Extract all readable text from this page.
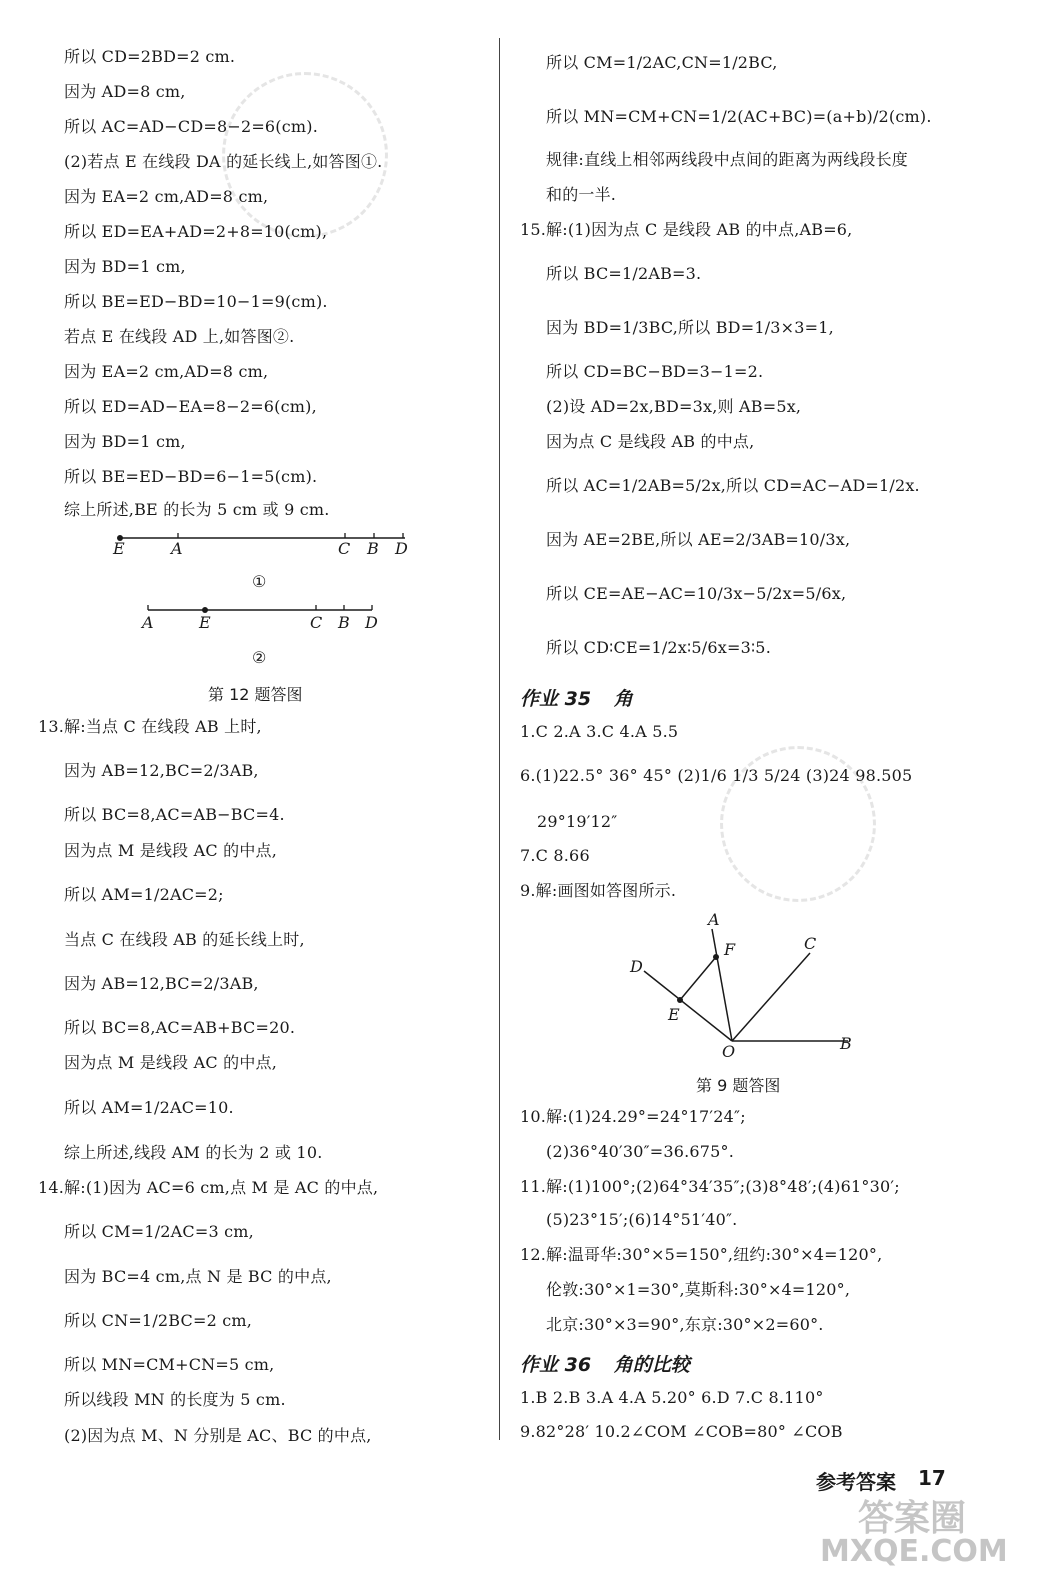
所以 CD=2BD=2 cm.
因为 AD=8 cm,
所以 AC=AD−CD=8−2=6(cm).
(2)若点 E 在线段 DA 的延长线上,如答图①.
因为 EA=2 cm,AD=8 cm,
所以 ED=EA+AD=2+8=10(cm),
因为 BD=1 cm,
所以 BE=ED−BD=10−1=9(cm).
若点 E 在线段 AD 上,如答图②.
因为 EA=2 cm,AD=8 cm,
所以 ED=AD−EA=8−2=6(cm),
因为 BD=1 cm,
所以 BE=ED−BD=6−1=5(cm).
综上所述,BE 的长为 5 cm 或 9 cm.
E	A	C B D
①
A	E	C B D
②
第 12 题答图
13.解:当点 C 在线段 AB 上时,
因为 AB=12,BC=2/3AB,
所以 BC=8,AC=AB−BC=4.
因为点 M 是线段 AC 的中点,
所以 AM=1/2AC=2;
当点 C 在线段 AB 的延长线上时,
因为 AB=12,BC=2/3AB,
所以 BC=8,AC=AB+BC=20.
因为点 M 是线段 AC 的中点,
所以 AM=1/2AC=10.
综上所述,线段 AM 的长为 2 或 10.
14.解:(1)因为 AC=6 cm,点 M 是 AC 的中点,
所以 CM=1/2AC=3 cm,
因为 BC=4 cm,点 N 是 BC 的中点,
所以 CN=1/2BC=2 cm,
所以 MN=CM+CN=5 cm,
所以线段 MN 的长度为 5 cm.
(2)因为点 M、N 分别是 AC、BC 的中点,
所以 CM=1/2AC,CN=1/2BC,
所以 MN=CM+CN=1/2(AC+BC)=(a+b)/2(cm).
规律:直线上相邻两线段中点间的距离为两线段长度
和的一半.
15.解:(1)因为点 C 是线段 AB 的中点,AB=6,
所以 BC=1/2AB=3.
因为 BD=1/3BC,所以 BD=1/3×3=1,
所以 CD=BC−BD=3−1=2.
(2)设 AD=2x,BD=3x,则 AB=5x,
因为点 C 是线段 AB 的中点,
所以 AC=1/2AB=5/2x,所以 CD=AC−AD=1/2x.
因为 AE=2BE,所以 AE=2/3AB=10/3x,
所以 CE=AE−AC=10/3x−5/2x=5/6x,
所以 CD∶CE=1/2x∶5/6x=3∶5.
作业 35 角
1.C 2.A 3.C 4.A 5.5
6.(1)22.5° 36° 45° (2)1/6 1/3 5/24 (3)24 98.505
29°19′12″
7.C 8.66
9.解:画图如答图所示.
A
F	C
D
E
O	B
第 9 题答图
10.解:(1)24.29°=24°17′24″;
(2)36°40′30″=36.675°.
11.解:(1)100°;(2)64°34′35″;(3)8°48′;(4)61°30′;
(5)23°15′;(6)14°51′40″.
12.解:温哥华:30°×5=150°,纽约:30°×4=120°,
伦敦:30°×1=30°,莫斯科:30°×4=120°,
北京:30°×3=90°,东京:30°×2=60°.
作业 36 角的比较
1.B 2.B 3.A 4.A 5.20° 6.D 7.C 8.110°
9.82°28′ 10.2∠COM ∠COB=80° ∠COB
参考答案 17
答案圈
MXQE.COM
